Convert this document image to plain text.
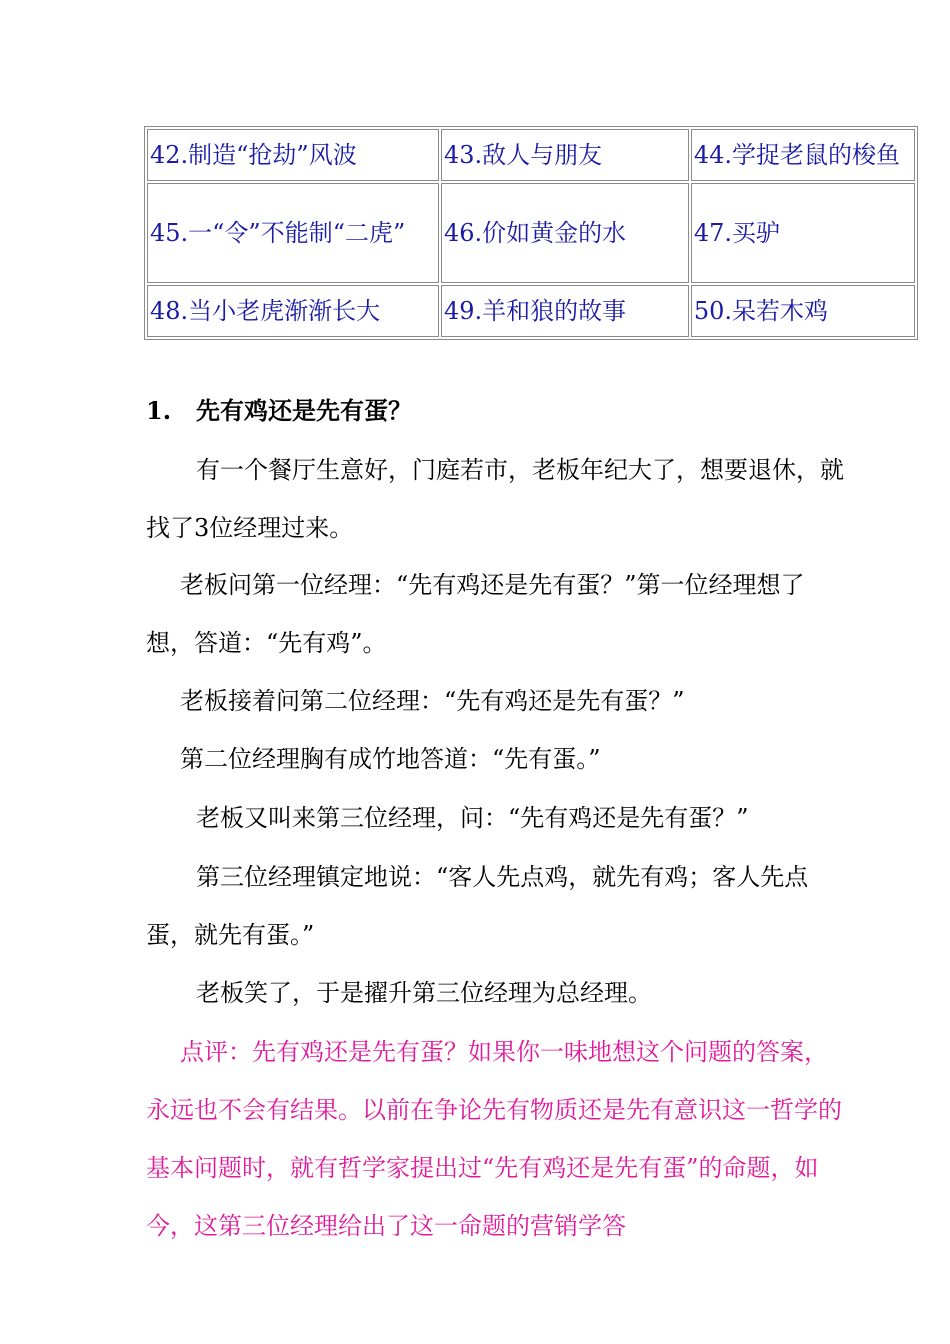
42.制造“抢劫”风波	43.敌人与朋友	44.学捉老鼠的梭鱼
45.一“令”不能制“二虎”	46.价如黄金的水	47.买驴
48.当小老虎渐渐长大	49.羊和狼的故事	50.呆若木鸡
1. 先有鸡还是先有蛋？

有一个餐厅生意好，门庭若市，老板年纪大了，想要退休，就找了3位经理过来。

老板问第一位经理：“先有鸡还是先有蛋？”第一位经理想了想，答道：“先有鸡”。

老板接着问第二位经理：“先有鸡还是先有蛋？”

第二位经理胸有成竹地答道：“先有蛋。”

老板又叫来第三位经理，问：“先有鸡还是先有蛋？”

第三位经理镇定地说：“客人先点鸡，就先有鸡；客人先点蛋，就先有蛋。”

老板笑了，于是擢升第三位经理为总经理。

点评：先有鸡还是先有蛋？如果你一味地想这个问题的答案，永远也不会有结果。以前在争论先有物质还是先有意识这一哲学的基本问题时，就有哲学家提出过“先有鸡还是先有蛋”的命题，如今，这第三位经理给出了这一命题的营销学答
